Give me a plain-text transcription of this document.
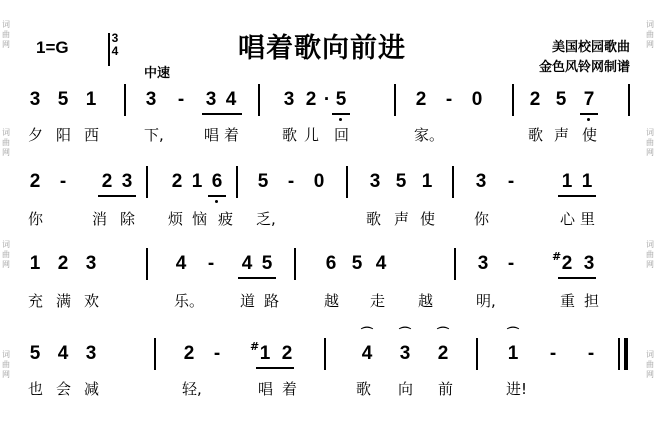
词
曲
网
词
曲
网
词
曲
网
词
曲
网
词
曲
网
词
曲
网
词
曲
网
词
曲
网
唱着歌向前进
1=G	3
4
中速
美国校园歌曲
金色风铃网制谱
3 5 1	3 - 3 4 3 2 · 5	2 - 0 2 5 7
夕 阳 西	下,	唱 着	歌 儿 回	家。	歌 声 使
2 - 2 3 2 1 6 5 - 0 3 5 1 3 -	1 1
你	消 除 烦 恼 疲 乏,	歌 声 使	你	心 里
1 2 3	4 - 4 5	6 5 4	3 -	# 2 3
充 满 欢	乐。 道 路	越 走 越	明,	重 担
5 4 3	2 -	# 1 2
⌒
4
⌒
3
⌒
2
⌒
1 - -
也 会 减	轻,	唱 着	歌 向 前	进!
